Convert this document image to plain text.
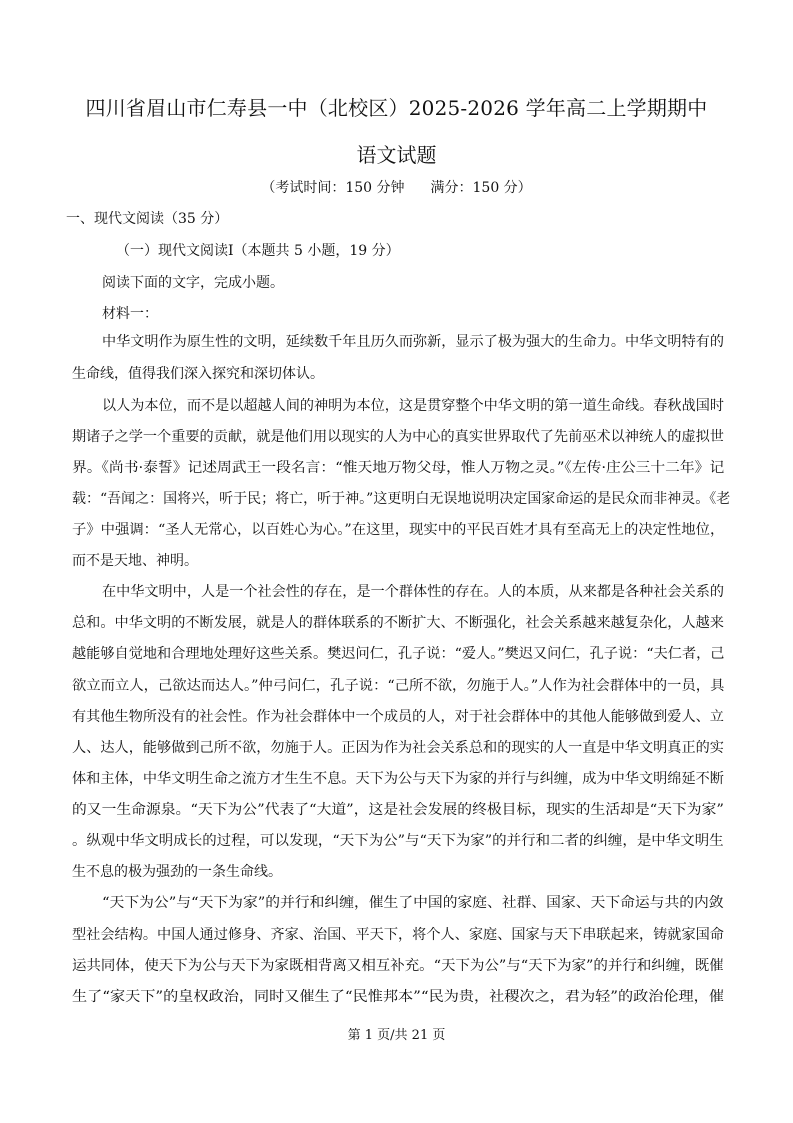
四川省眉山市仁寿县一中（北校区）2025-2026 学年高二上学期期中
语文试题
（考试时间：150 分钟 满分：150 分）
一、现代文阅读（35 分）
（一）现代文阅读Ⅰ（本题共 5 小题，19 分）
阅读下面的文字，完成小题。
材料一：
中华文明作为原生性的文明，延续数千年且历久而弥新，显示了极为强大的生命力。中华文明特有的
生命线，值得我们深入探究和深切体认。
以人为本位，而不是以超越人间的神明为本位，这是贯穿整个中华文明的第一道生命线。春秋战国时
期诸子之学一个重要的贡献，就是他们用以现实的人为中心的真实世界取代了先前巫术以神统人的虚拟世
界。《尚书·泰誓》记述周武王一段名言：“惟天地万物父母，惟人万物之灵。”《左传·庄公三十二年》记
载：“吾闻之：国将兴，听于民；将亡，听于神。”这更明白无误地说明决定国家命运的是民众而非神灵。《老
子》中强调：“圣人无常心，以百姓心为心。”在这里，现实中的平民百姓才具有至高无上的决定性地位，
而不是天地、神明。
在中华文明中，人是一个社会性的存在，是一个群体性的存在。人的本质，从来都是各种社会关系的
总和。中华文明的不断发展，就是人的群体联系的不断扩大、不断强化，社会关系越来越复杂化，人越来
越能够自觉地和合理地处理好这些关系。樊迟问仁，孔子说：“爱人。”樊迟又问仁，孔子说：“夫仁者，己
欲立而立人，己欲达而达人。”仲弓问仁，孔子说：“己所不欲，勿施于人。”人作为社会群体中的一员，具
有其他生物所没有的社会性。作为社会群体中一个成员的人，对于社会群体中的其他人能够做到爱人、立
人、达人，能够做到己所不欲，勿施于人。正因为作为社会关系总和的现实的人一直是中华文明真正的实
体和主体，中华文明生命之流方才生生不息。天下为公与天下为家的并行与纠缠，成为中华文明绵延不断
的又一生命源泉。“天下为公”代表了“大道”，这是社会发展的终极目标，现实的生活却是“天下为家”
。纵观中华文明成长的过程，可以发现，“天下为公”与“天下为家”的并行和二者的纠缠，是中华文明生
生不息的极为强劲的一条生命线。
“天下为公”与“天下为家”的并行和纠缠，催生了中国的家庭、社群、国家、天下命运与共的内敛
型社会结构。中国人通过修身、齐家、治国、平天下，将个人、家庭、国家与天下串联起来，铸就家国命
运共同体，使天下为公与天下为家既相背离又相互补充。“天下为公”与“天下为家”的并行和纠缠，既催
生了“家天下”的皇权政治，同时又催生了“民惟邦本”“民为贵，社稷次之，君为轻”的政治伦理，催
第 1 页/共 21 页
